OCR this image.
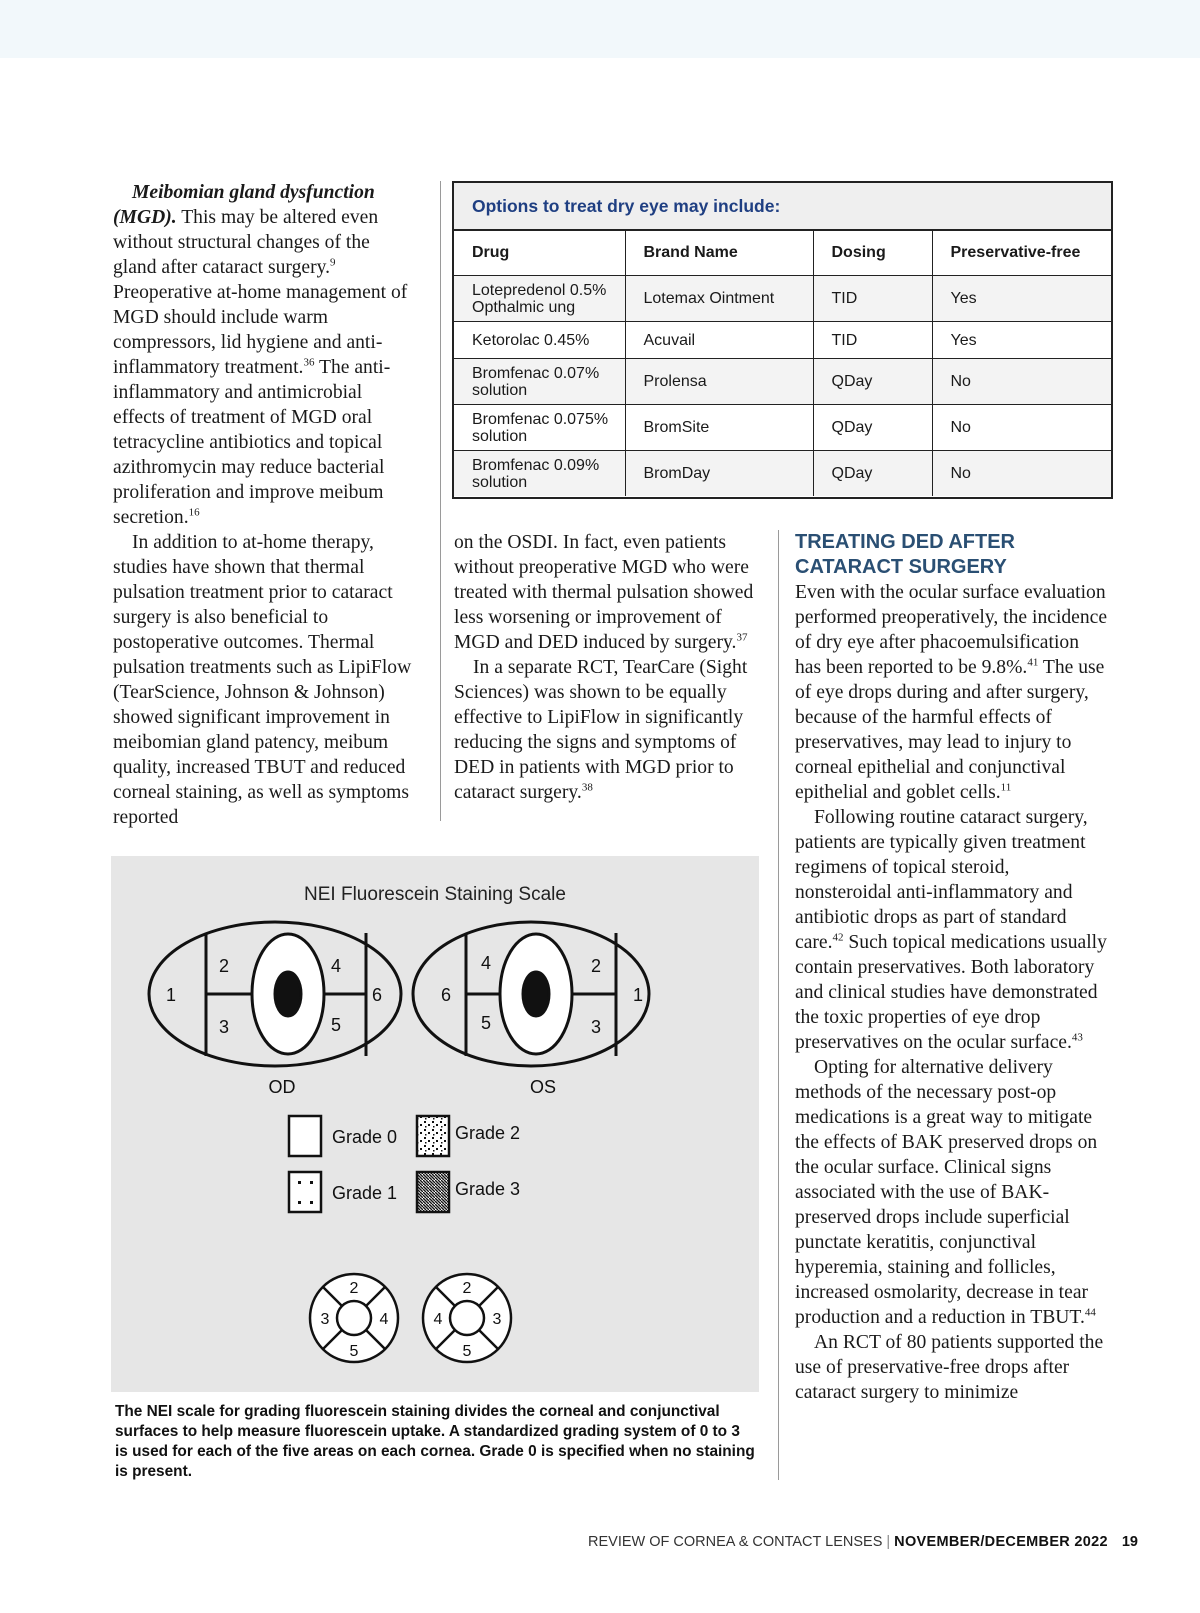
Meibomian gland dysfunction (MGD). This may be altered even without structural changes of the gland after cataract surgery.$^9$ Preoperative at-home management of MGD should include warm compressors, lid hygiene and anti-inflammatory treatment.$^{36}$ The anti-inflammatory and antimicrobial effects of treatment of MGD oral tetracycline antibiotics and topical azithromycin may reduce bacterial proliferation and improve meibum secretion.$^{16}$

In addition to at-home therapy, studies have shown that thermal pulsation treatment prior to cataract surgery is also beneficial to postoperative outcomes. Thermal pulsation treatments such as LipiFlow (TearScience, Johnson & Johnson) showed significant improvement in meibomian gland patency, meibum quality, increased TBUT and reduced corneal staining, as well as symptoms reported

Options to treat dry eye may include:
Drug	Brand Name	Dosing	Preservative-free
Lotepredenol 0.5% Opthalmic ung	Lotemax Ointment	TID	Yes
Ketorolac 0.45%	Acuvail	TID	Yes
Bromfenac 0.07% solution	Prolensa	QDay	No
Bromfenac 0.075% solution	BromSite	QDay	No
Bromfenac 0.09% solution	BromDay	QDay	No

on the OSDI. In fact, even patients without preoperative MGD who were treated with thermal pulsation showed less worsening or improvement of MGD and DED induced by surgery.$^{37}$

In a separate RCT, TearCare (Sight Sciences) was shown to be equally effective to LipiFlow in significantly reducing the signs and symptoms of DED in patients with MGD prior to cataract surgery.$^{38}$

TREATING DED AFTER CATARACT SURGERY

Even with the ocular surface evaluation performed preoperatively, the incidence of dry eye after phacoemulsification has been reported to be 9.8%.$^{41}$ The use of eye drops during and after surgery, because of the harmful effects of preservatives, may lead to injury to corneal epithelial and conjunctival epithelial and goblet cells.$^{11}$

Following routine cataract surgery, patients are typically given treatment regimens of topical steroid, nonsteroidal anti-inflammatory and antibiotic drops as part of standard care.$^{42}$ Such topical medications usually contain preservatives. Both laboratory and clinical studies have demonstrated the toxic properties of eye drop preservatives on the ocular surface.$^{43}$

Opting for alternative delivery methods of the necessary post-op medications is a great way to mitigate the effects of BAK preserved drops on the ocular surface. Clinical signs associated with the use of BAK-preserved drops include superficial punctate keratitis, conjunctival hyperemia, staining and follicles, increased osmolarity, decrease in tear production and a reduction in TBUT.$^{44}$

An RCT of 80 patients supported the use of preservative-free drops after cataract surgery to minimize

NEI Fluorescein Staining Scale
1
2
3
4
5
6
OD
6
4
5
2
3
1
OS
Grade 0
Grade 1
Grade 2
Grade 3
2
3	4
5
2
4	3
5

The NEI scale for grading fluorescein staining divides the corneal and conjunctival surfaces to help measure fluorescein uptake. A standardized grading system of 0 to 3 is used for each of the five areas on each cornea. Grade 0 is specified when no staining is present.

REVIEW OF CORNEA & CONTACT LENSES | NOVEMBER/DECEMBER 2022 19
